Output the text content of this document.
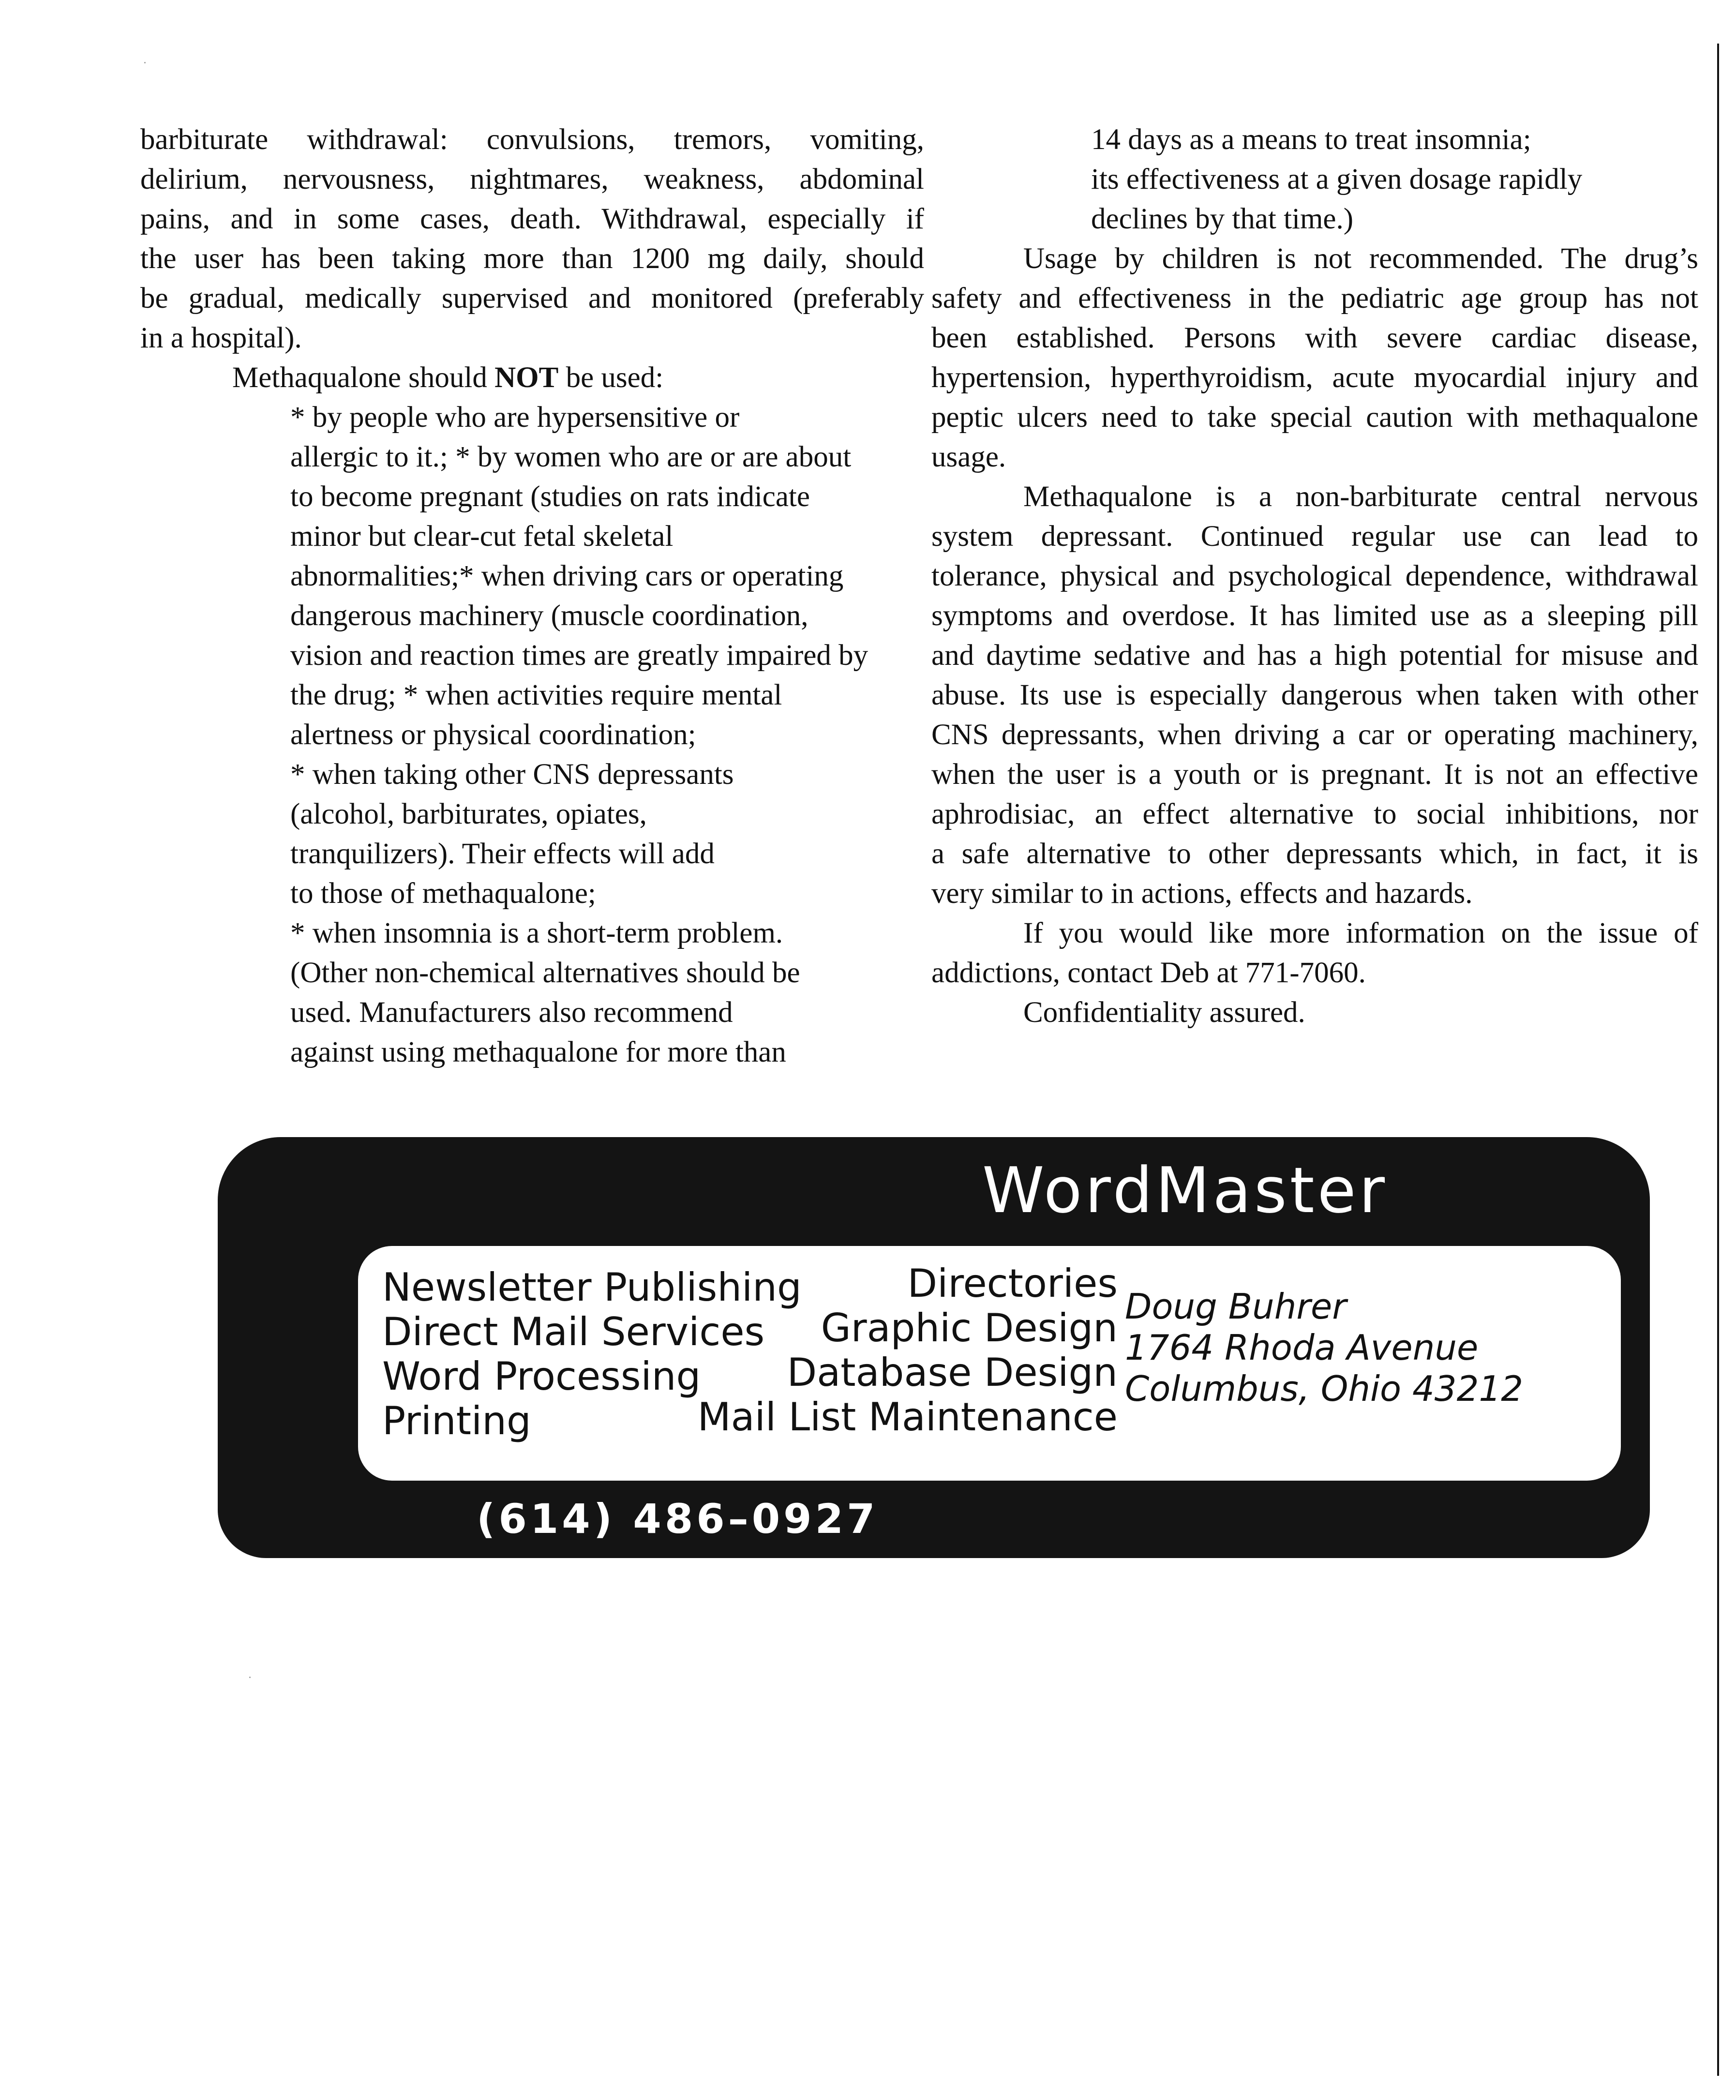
barbiturate withdrawal: convulsions, tremors, vomiting,
delirium, nervousness, nightmares, weakness, abdominal
pains, and in some cases, death. Withdrawal, especially if
the user has been taking more than 1200 mg daily, should
be gradual, medically supervised and monitored (preferably
in a hospital).
Methaqualone should NOT be used:
* by people who are hypersensitive or
allergic to it.; * by women who are or are about
to become pregnant (studies on rats indicate
minor but clear-cut fetal skeletal
abnormalities;* when driving cars or operating
dangerous machinery (muscle coordination,
vision and reaction times are greatly impaired by
the drug; * when activities require mental
alertness or physical coordination;
* when taking other CNS depressants
(alcohol, barbiturates, opiates,
tranquilizers). Their effects will add
to those of methaqualone;
* when insomnia is a short-term problem.
(Other non-chemical alternatives should be
used. Manufacturers also recommend
against using methaqualone for more than
14 days as a means to treat insomnia;
its effectiveness at a given dosage rapidly
declines by that time.)
Usage by children is not recommended. The drug’s
safety and effectiveness in the pediatric age group has not
been established. Persons with severe cardiac disease,
hypertension, hyperthyroidism, acute myocardial injury and
peptic ulcers need to take special caution with methaqualone
usage.
Methaqualone is a non-barbiturate central nervous
system depressant. Continued regular use can lead to
tolerance, physical and psychological dependence, withdrawal
symptoms and overdose. It has limited use as a sleeping pill
and daytime sedative and has a high potential for misuse and
abuse. Its use is especially dangerous when taken with other
CNS depressants, when driving a car or operating machinery,
when the user is a youth or is pregnant. It is not an effective
aphrodisiac, an effect alternative to social inhibitions, nor
a safe alternative to other depressants which, in fact, it is
very similar to in actions, effects and hazards.
If you would like more information on the issue of
addictions, contact Deb at 771-7060.
Confidentiality assured.
WordMaster
Newsletter Publishing
Direct Mail Services
Word Processing
Printing
Directories
Graphic Design
Database Design
Mail List Maintenance
Doug Buhrer
1764 Rhoda Avenue
Columbus, Ohio 43212
(614) 486–0927
